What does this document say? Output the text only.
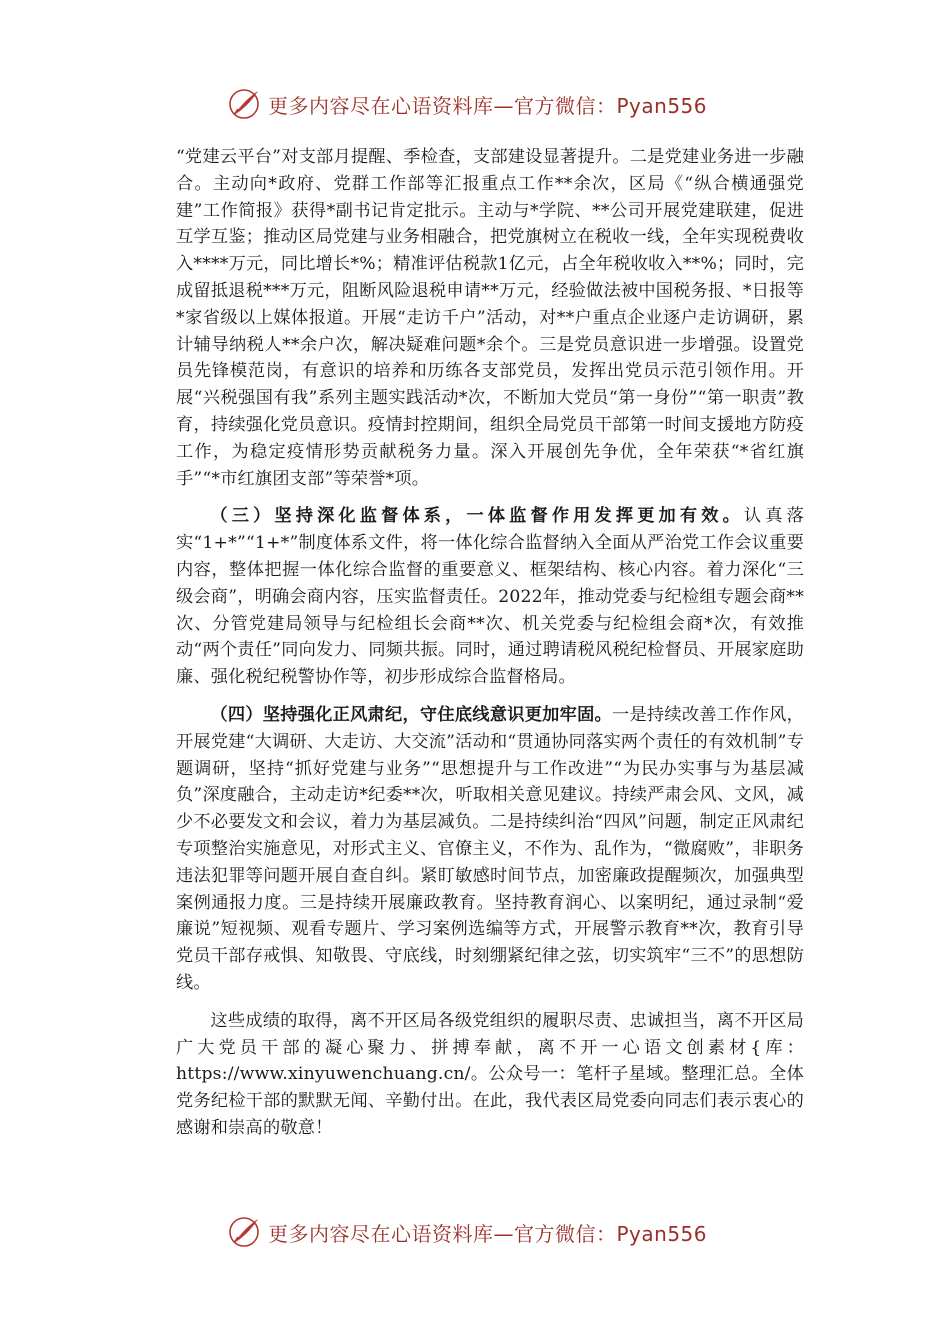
更多内容尽在心语资料库—官方微信：Pyan556

“党建云平台”对支部月提醒、季检查，支部建设显著提升。二是党建业务进一步融合。主动向*政府、党群工作部等汇报重点工作**余次，区局《“纵合横通强党建”工作简报》获得*副书记肯定批示。主动与*学院、**公司开展党建联建，促进互学互鉴；推动区局党建与业务相融合，把党旗树立在税收一线，全年实现税费收入****万元，同比增长*%；精准评估税款1亿元，占全年税收收入**%；同时，完成留抵退税***万元，阻断风险退税申请**万元，经验做法被中国税务报、*日报等*家省级以上媒体报道。开展“走访千户”活动，对**户重点企业逐户走访调研，累计辅导纳税人**余户次，解决疑难问题*余个。三是党员意识进一步增强。设置党员先锋模范岗，有意识的培养和历练各支部党员，发挥出党员示范引领作用。开展“兴税强国有我”系列主题实践活动*次，不断加大党员“第一身份”“第一职责”教育，持续强化党员意识。疫情封控期间，组织全局党员干部第一时间支援地方防疫工作，为稳定疫情形势贡献税务力量。深入开展创先争优，全年荣获“*省红旗手”“*市红旗团支部”等荣誉*项。

（三）坚持深化监督体系，一体监督作用发挥更加有效。认真落实“1+*”“1+*”制度体系文件，将一体化综合监督纳入全面从严治党工作会议重要内容，整体把握一体化综合监督的重要意义、框架结构、核心内容。着力深化“三级会商”，明确会商内容，压实监督责任。2022年，推动党委与纪检组专题会商**次、分管党建局领导与纪检组长会商**次、机关党委与纪检组会商*次，有效推动“两个责任”同向发力、同频共振。同时，通过聘请税风税纪检督员、开展家庭助廉、强化税纪税警协作等，初步形成综合监督格局。

（四）坚持强化正风肃纪，守住底线意识更加牢固。一是持续改善工作作风，开展党建“大调研、大走访、大交流”活动和“贯通协同落实两个责任的有效机制”专题调研，坚持“抓好党建与业务”“思想提升与工作改进”“为民办实事与为基层减负”深度融合，主动走访*纪委**次，听取相关意见建议。持续严肃会风、文风，减少不必要发文和会议，着力为基层减负。二是持续纠治“四风”问题，制定正风肃纪专项整治实施意见，对形式主义、官僚主义，不作为、乱作为，“微腐败”，非职务违法犯罪等问题开展自查自纠。紧盯敏感时间节点，加密廉政提醒频次，加强典型案例通报力度。三是持续开展廉政教育。坚持教育润心、以案明纪，通过录制“爱廉说”短视频、观看专题片、学习案例选编等方式，开展警示教育**次，教育引导党员干部存戒惧、知敬畏、守底线，时刻绷紧纪律之弦，切实筑牢“三不”的思想防线。

这些成绩的取得，离不开区局各级党组织的履职尽责、忠诚担当，离不开区局广大党员干部的凝心聚力、拼搏奉献，离不开一心语文创素材{库：https://www.xinyuwenchuang.cn/。公众号一：笔杆子星域。整理汇总。全体党务纪检干部的默默无闻、辛勤付出。在此，我代表区局党委向同志们表示衷心的感谢和崇高的敬意！

更多内容尽在心语资料库—官方微信：Pyan556
